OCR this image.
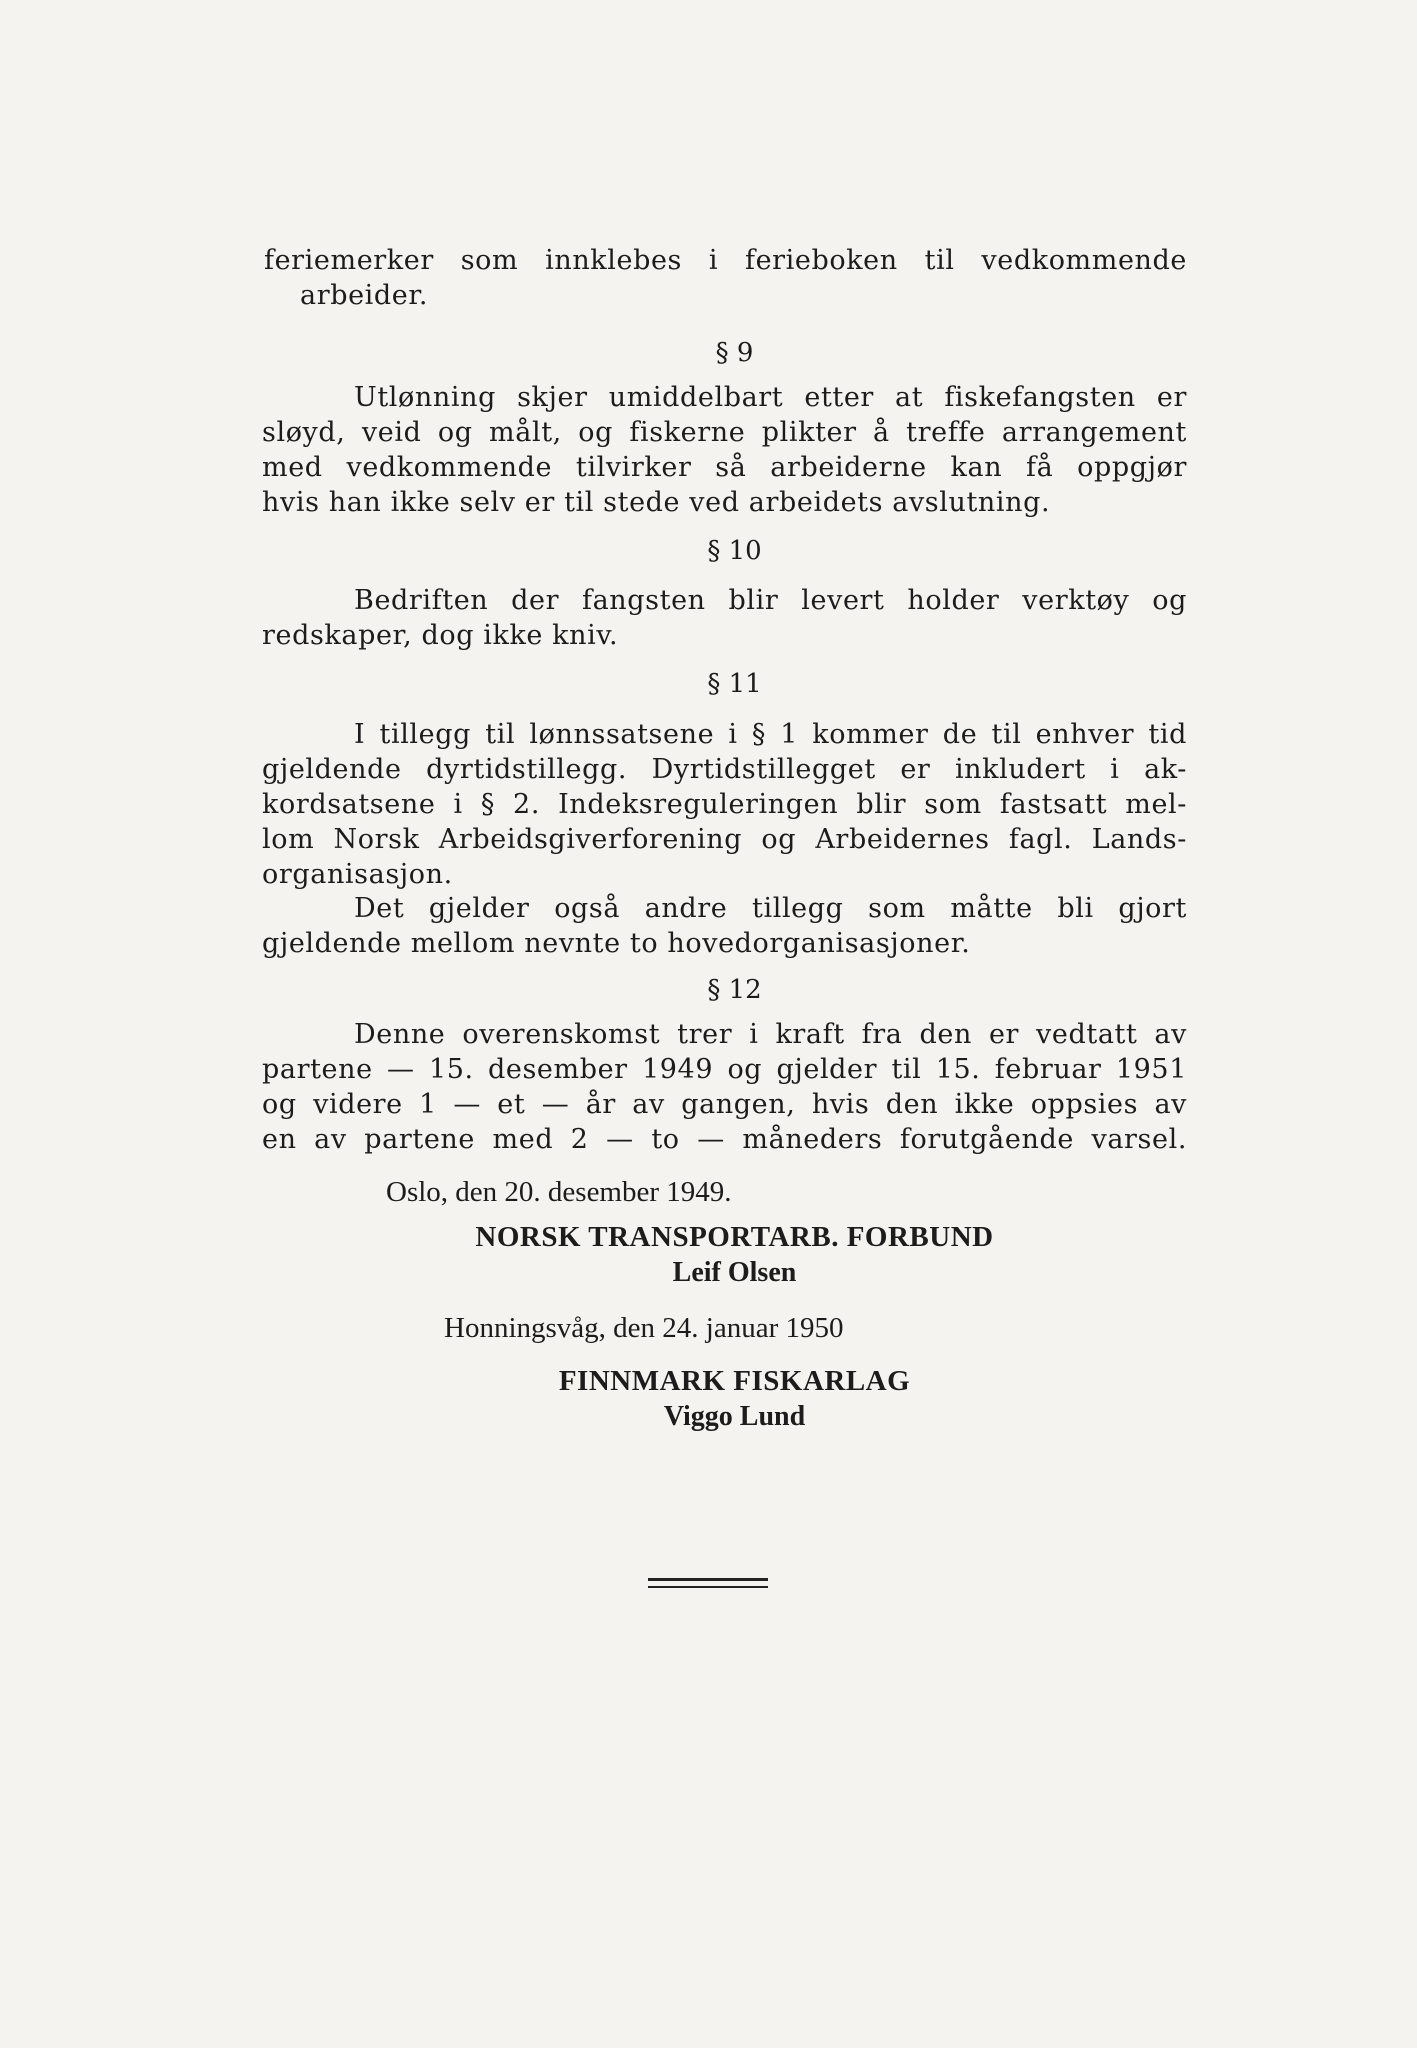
feriemerker som innklebes i ferieboken til vedkommende
arbeider.

§ 9

Utlønning skjer umiddelbart etter at fiskefangsten er
sløyd, veid og målt, og fiskerne plikter å treffe arrangement
med vedkommende tilvirker så arbeiderne kan få oppgjør
hvis han ikke selv er til stede ved arbeidets avslutning.

§ 10

Bedriften der fangsten blir levert holder verktøy og
redskaper, dog ikke kniv.

§ 11

I tillegg til lønnssatsene i § 1 kommer de til enhver tid
gjeldende dyrtidstillegg. Dyrtidstillegget er inkludert i ak-
kordsatsene i § 2. Indeksreguleringen blir som fastsatt mel-
lom Norsk Arbeidsgiverforening og Arbeidernes fagl. Lands-
organisasjon.

Det gjelder også andre tillegg som måtte bli gjort
gjeldende mellom nevnte to hovedorganisasjoner.

§ 12

Denne overenskomst trer i kraft fra den er vedtatt av
partene — 15. desember 1949 og gjelder til 15. februar 1951
og videre 1 — et — år av gangen, hvis den ikke oppsies av
en av partene med 2 — to — måneders forutgående varsel.

Oslo, den 20. desember 1949.

NORSK TRANSPORTARB. FORBUND

Leif Olsen

Honningsvåg, den 24. januar 1950

FINNMARK FISKARLAG

Viggo Lund
